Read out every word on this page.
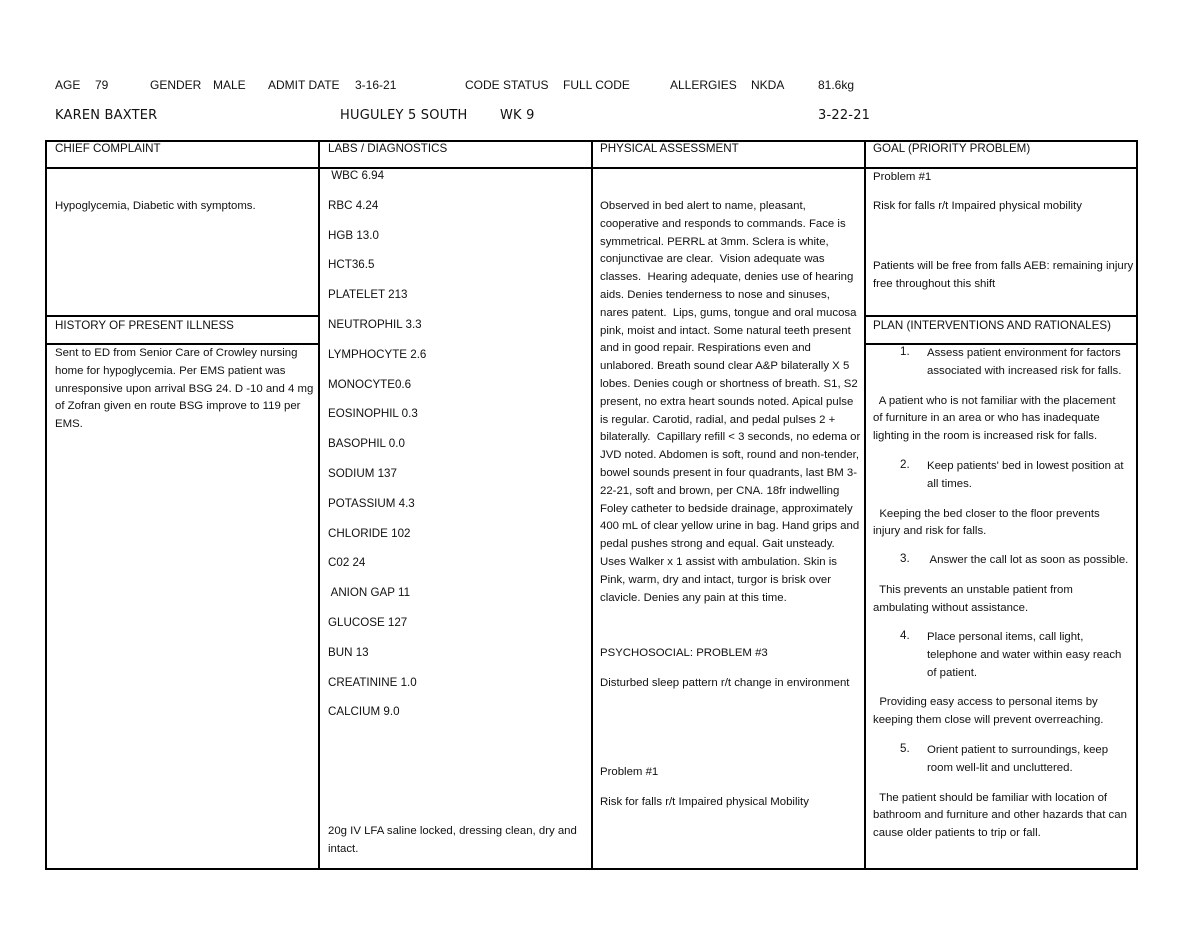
AGE 79	GENDER MALE ADMIT DATE 3-16-21	CODE STATUS FULL CODE	ALLERGIES NKDA	81.6kg
KAREN BAXTER	HUGULEY 5 SOUTH WK 9	3-22-21
CHIEF COMPLAINT
Hypoglycemia, Diabetic with symptoms.
HISTORY OF PRESENT ILLNESS
Sent to ED from Senior Care of Crowley nursing
home for hypoglycemia. Per EMS patient was
unresponsive upon arrival BSG 24. D -10 and 4 mg
of Zofran given en route BSG improve to 119 per
EMS.
LABS / DIAGNOSTICS
WBC 6.94
RBC 4.24
HGB 13.0
HCT36.5
PLATELET 213
NEUTROPHIL 3.3
LYMPHOCYTE 2.6
MONOCYTE0.6
EOSINOPHIL 0.3
BASOPHIL 0.0
SODIUM 137
POTASSIUM 4.3
CHLORIDE 102
C02 24
ANION GAP 11
GLUCOSE 127
BUN 13
CREATININE 1.0
CALCIUM 9.0
20g IV LFA saline locked, dressing clean, dry and
intact.
PHYSICAL ASSESSMENT
Observed in bed alert to name, pleasant,
cooperative and responds to commands. Face is
symmetrical. PERRL at 3mm. Sclera is white,
conjunctivae are clear.  Vision adequate was
classes.  Hearing adequate, denies use of hearing
aids. Denies tenderness to nose and sinuses,
nares patent.  Lips, gums, tongue and oral mucosa
pink, moist and intact. Some natural teeth present
and in good repair. Respirations even and
unlabored. Breath sound clear A&P bilaterally X 5
lobes. Denies cough or shortness of breath. S1, S2
present, no extra heart sounds noted. Apical pulse
is regular. Carotid, radial, and pedal pulses 2 +
bilaterally.  Capillary refill < 3 seconds, no edema or
JVD noted. Abdomen is soft, round and non-tender,
bowel sounds present in four quadrants, last BM 3-
22-21, soft and brown, per CNA. 18fr indwelling
Foley catheter to bedside drainage, approximately
400 mL of clear yellow urine in bag. Hand grips and
pedal pushes strong and equal. Gait unsteady.
Uses Walker x 1 assist with ambulation. Skin is
Pink, warm, dry and intact, turgor is brisk over
clavicle. Denies any pain at this time.
PSYCHOSOCIAL: PROBLEM #3
Disturbed sleep pattern r/t change in environment
Problem #1
Risk for falls r/t Impaired physical Mobility
GOAL (PRIORITY PROBLEM)
Problem #1
Risk for falls r/t Impaired physical mobility
Patients will be free from falls AEB: remaining injury
free throughout this shift
PLAN (INTERVENTIONS AND RATIONALES)
1. Assess patient environment for factors
associated with increased risk for falls.
A patient who is not familiar with the placement
of furniture in an area or who has inadequate
lighting in the room is increased risk for falls.
2. Keep patients' bed in lowest position at
all times.
Keeping the bed closer to the floor prevents
injury and risk for falls.
3. Answer the call lot as soon as possible.
This prevents an unstable patient from
ambulating without assistance.
4. Place personal items, call light,
telephone and water within easy reach
of patient.
Providing easy access to personal items by
keeping them close will prevent overreaching.
5. Orient patient to surroundings, keep
room well-lit and uncluttered.
The patient should be familiar with location of
bathroom and furniture and other hazards that can
cause older patients to trip or fall.
